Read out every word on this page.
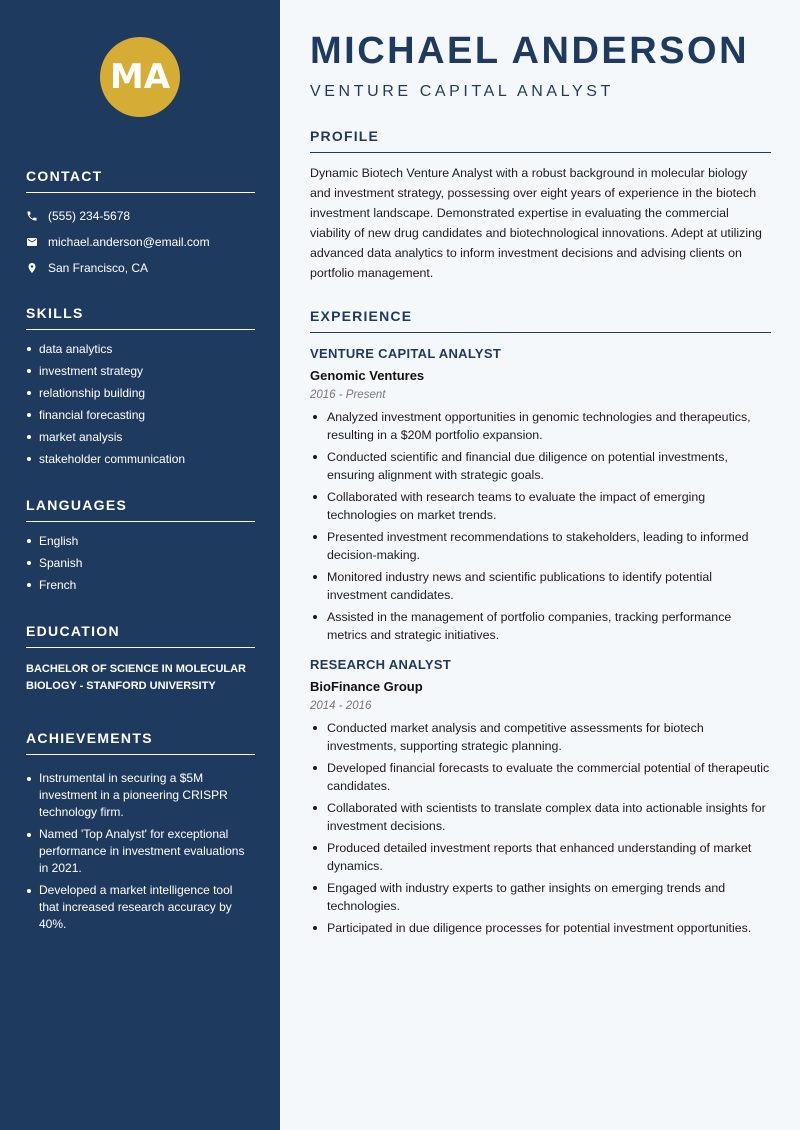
MA
CONTACT
(555) 234-5678
michael.anderson@email.com
San Francisco, CA
SKILLS
data analytics
investment strategy
relationship building
financial forecasting
market analysis
stakeholder communication
LANGUAGES
English
Spanish
French
EDUCATION
BACHELOR OF SCIENCE IN MOLECULAR BIOLOGY - STANFORD UNIVERSITY
ACHIEVEMENTS
Instrumental in securing a $5M investment in a pioneering CRISPR technology firm.
Named 'Top Analyst' for exceptional performance in investment evaluations in 2021.
Developed a market intelligence tool that increased research accuracy by 40%.
MICHAEL ANDERSON
VENTURE CAPITAL ANALYST
PROFILE
Dynamic Biotech Venture Analyst with a robust background in molecular biology and investment strategy, possessing over eight years of experience in the biotech investment landscape. Demonstrated expertise in evaluating the commercial viability of new drug candidates and biotechnological innovations. Adept at utilizing advanced data analytics to inform investment decisions and advising clients on portfolio management.
EXPERIENCE
VENTURE CAPITAL ANALYST
Genomic Ventures
2016 - Present
Analyzed investment opportunities in genomic technologies and therapeutics, resulting in a $20M portfolio expansion.
Conducted scientific and financial due diligence on potential investments, ensuring alignment with strategic goals.
Collaborated with research teams to evaluate the impact of emerging technologies on market trends.
Presented investment recommendations to stakeholders, leading to informed decision-making.
Monitored industry news and scientific publications to identify potential investment candidates.
Assisted in the management of portfolio companies, tracking performance metrics and strategic initiatives.
RESEARCH ANALYST
BioFinance Group
2014 - 2016
Conducted market analysis and competitive assessments for biotech investments, supporting strategic planning.
Developed financial forecasts to evaluate the commercial potential of therapeutic candidates.
Collaborated with scientists to translate complex data into actionable insights for investment decisions.
Produced detailed investment reports that enhanced understanding of market dynamics.
Engaged with industry experts to gather insights on emerging trends and technologies.
Participated in due diligence processes for potential investment opportunities.
